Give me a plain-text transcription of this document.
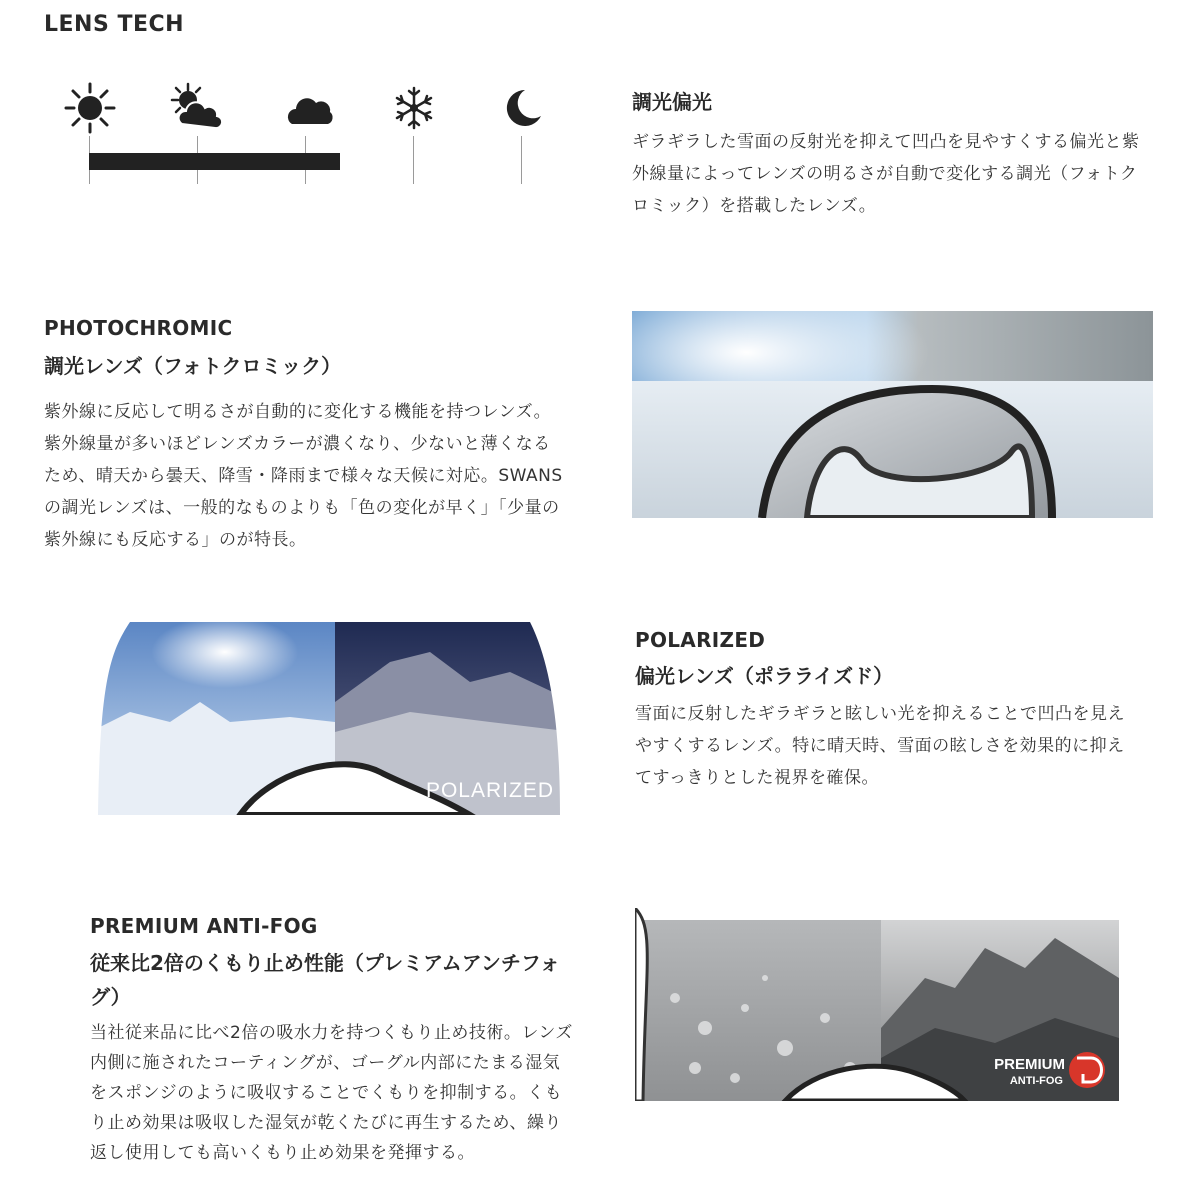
LENS TECH
調光偏光
ギラギラした雪面の反射光を抑えて凹凸を見やすくする偏光と紫外線量によってレンズの明るさが自動で変化する調光（フォトクロミック）を搭載したレンズ。
PHOTOCHROMIC
調光レンズ（フォトクロミック）
紫外線に反応して明るさが自動的に変化する機能を持つレンズ。紫外線量が多いほどレンズカラーが濃くなり、少ないと薄くなるため、晴天から曇天、降雪・降雨まで様々な天候に対応。SWANSの調光レンズは、一般的なものよりも「色の変化が早く」「少量の紫外線にも反応する」のが特長。
POLARIZED
POLARIZED
偏光レンズ（ポラライズド）
雪面に反射したギラギラと眩しい光を抑えることで凹凸を見えやすくするレンズ。特に晴天時、雪面の眩しさを効果的に抑えてすっきりとした視界を確保。
PREMIUM ANTI-FOG
従来比2倍のくもり止め性能（プレミアムアンチフォグ）
当社従来品に比べ2倍の吸水力を持つくもり止め技術。レンズ内側に施されたコーティングが、ゴーグル内部にたまる湿気をスポンジのように吸収することでくもりを抑制する。くもり止め効果は吸収した湿気が乾くたびに再生するため、繰り返し使用しても高いくもり止め効果を発揮する。
PREMIUM
ANTI-FOG
